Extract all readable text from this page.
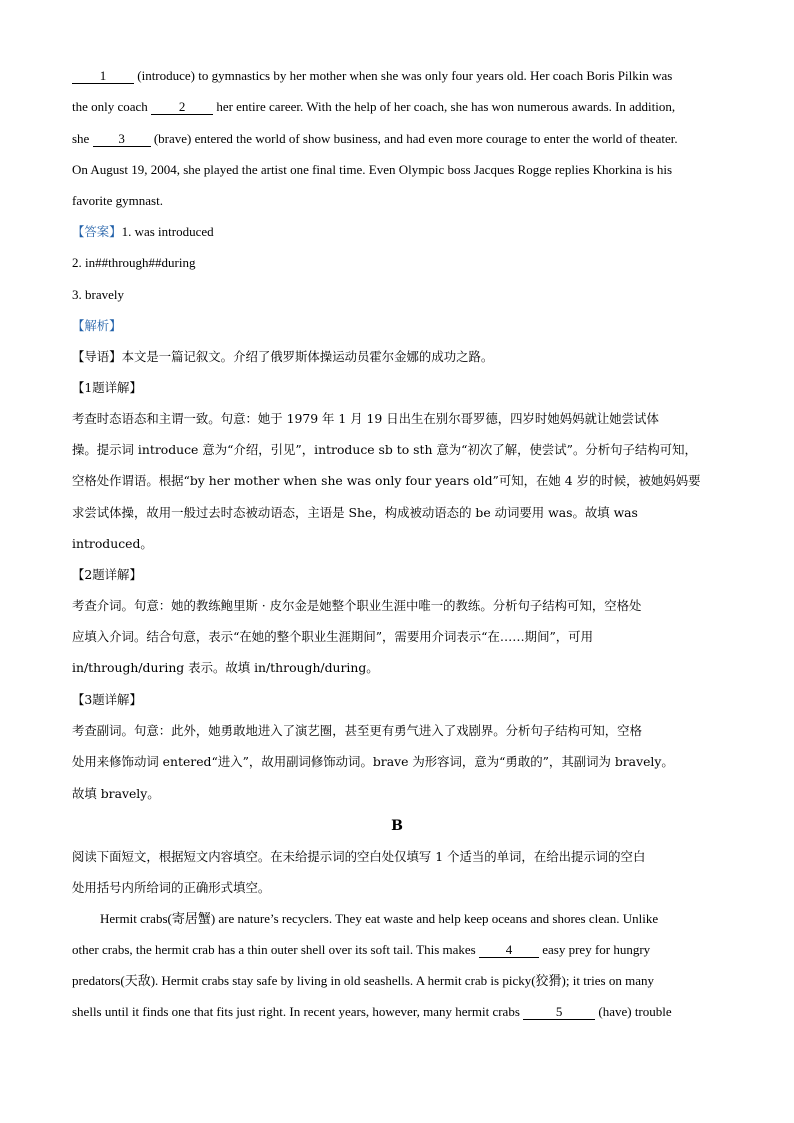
1 (introduce) to gymnastics by her mother when she was only four years old. Her coach Boris Pilkin was
the only coach 2 her entire career. With the help of her coach, she has won numerous awards. In addition,
she 3 (brave) entered the world of show business, and had even more courage to enter the world of theater.
On August 19, 2004, she played the artist one final time. Even Olympic boss Jacques Rogge replies Khorkina is his
favorite gymnast.
【答案】1. was introduced
2. in##through##during
3. bravely
【解析】
【导语】本文是一篇记叙文。介绍了俄罗斯体操运动员霍尔金娜的成功之路。
【1题详解】
考查时态语态和主谓一致。句意：她于 1979 年 1 月 19 日出生在别尔哥罗德，四岁时她妈妈就让她尝试体
操。提示词 introduce 意为“介绍，引见”，introduce sb to sth 意为“初次了解，使尝试”。分析句子结构可知，
空格处作谓语。根据“by her mother when she was only four years old”可知，在她 4 岁的时候，被她妈妈要
求尝试体操，故用一般过去时态被动语态，主语是 She，构成被动语态的 be 动词要用 was。故填 was
introduced。
【2题详解】
考查介词。句意：她的教练鲍里斯 · 皮尔金是她整个职业生涯中唯一的教练。分析句子结构可知，空格处
应填入介词。结合句意，表示“在她的整个职业生涯期间”，需要用介词表示“在……期间”，可用
in/through/during 表示。故填 in/through/during。
【3题详解】
考查副词。句意：此外，她勇敢地进入了演艺圈，甚至更有勇气进入了戏剧界。分析句子结构可知，空格
处用来修饰动词 entered“进入”，故用副词修饰动词。brave 为形容词，意为“勇敢的”，其副词为 bravely。
故填 bravely。
B
阅读下面短文，根据短文内容填空。在未给提示词的空白处仅填写 1 个适当的单词，在给出提示词的空白
处用括号内所给词的正确形式填空。
Hermit crabs(寄居蟹) are nature’s recyclers. They eat waste and help keep oceans and shores clean. Unlike
other crabs, the hermit crab has a thin outer shell over its soft tail. This makes 4 easy prey for hungry
predators(天敌). Hermit crabs stay safe by living in old seashells. A hermit crab is picky(狡猾); it tries on many
shells until it finds one that fits just right. In recent years, however, many hermit crabs	5	(have) trouble
